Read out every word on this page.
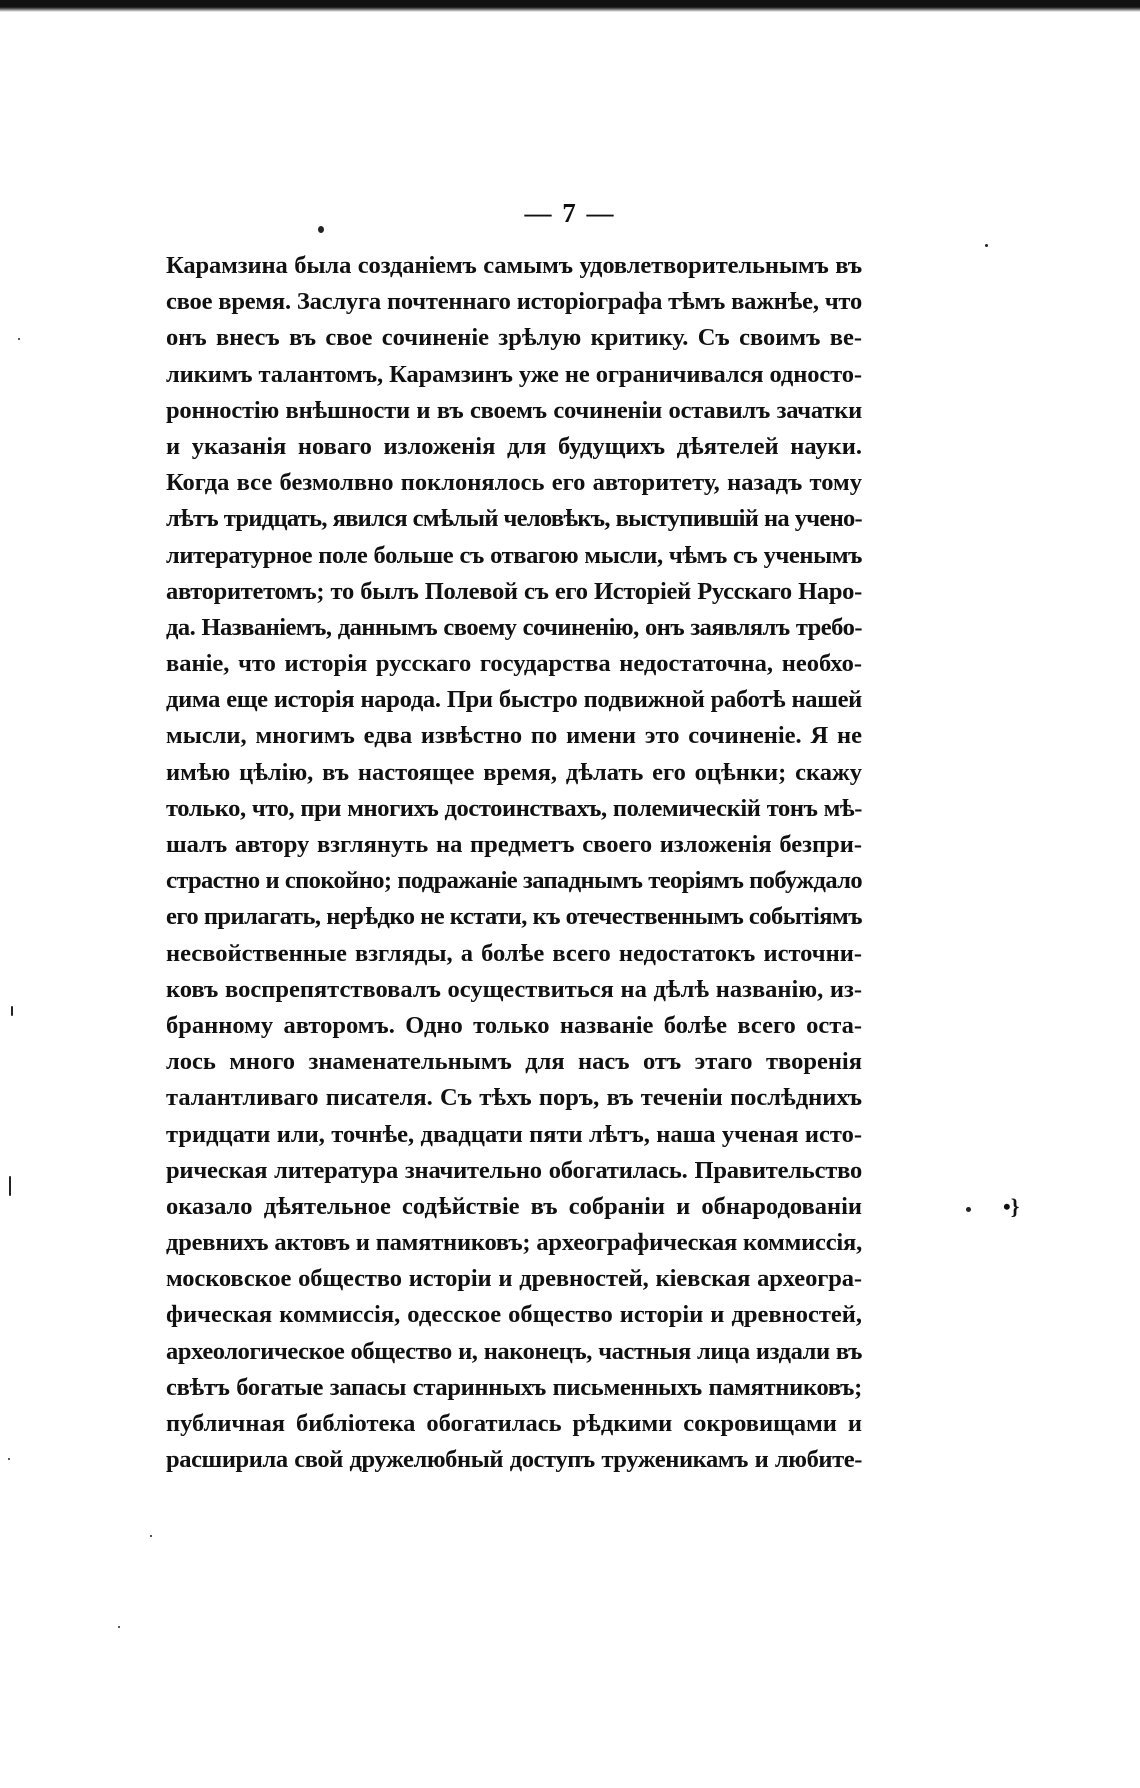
— 7 —
Карамзина была созданіемъ самымъ удовлетворительнымъ въ
свое время. Заслуга почтеннаго исторіографа тѣмъ важнѣе, что
онъ внесъ въ свое сочиненіе зрѣлую критику. Съ своимъ ве-
ликимъ талантомъ, Карамзинъ уже не ограничивался односто-
ронностію внѣшности и въ своемъ сочиненіи оставилъ зачатки
и указанія новаго изложенія для будущихъ дѣятелей науки.
Когда все безмолвно поклонялось его авторитету, назадъ тому
лѣтъ тридцать, явился смѣлый человѣкъ, выступившій на учено-
литературное поле больше съ отвагою мысли, чѣмъ съ ученымъ
авторитетомъ; то былъ Полевой съ его Исторіей Русскаго Наро-
да. Названіемъ, даннымъ своему сочиненію, онъ заявлялъ требо-
ваніе, что исторія русскаго государства недостаточна, необхо-
дима еще исторія народа. При быстро подвижной работѣ нашей
мысли, многимъ едва извѣстно по имени это сочиненіе. Я не
имѣю цѣлію, въ настоящее время, дѣлать его оцѣнки; скажу
только, что, при многихъ достоинствахъ, полемическій тонъ мѣ-
шалъ автору взглянуть на предметъ своего изложенія безпри-
страстно и спокойно; подражаніе западнымъ теоріямъ побуждало
его прилагать, нерѣдко не кстати, къ отечественнымъ событіямъ
несвойственные взгляды, а болѣе всего недостатокъ источни-
ковъ воспрепятствовалъ осуществиться на дѣлѣ названію, из-
бранному авторомъ. Одно только названіе болѣе всего оста-
лось много знаменательнымъ для насъ отъ этаго творенія
талантливаго писателя. Съ тѣхъ поръ, въ теченіи послѣднихъ
тридцати или, точнѣе, двадцати пяти лѣтъ, наша ученая исто-
рическая литература значительно обогатилась. Правительство
оказало дѣятельное содѣйствіе въ собраніи и обнародованіи
древнихъ актовъ и памятниковъ; археографическая коммиссія,
московское общество исторіи и древностей, кіевская археогра-
фическая коммиссія, одесское общество исторіи и древностей,
археологическое общество и, наконецъ, частныя лица издали въ
свѣтъ богатые запасы старинныхъ письменныхъ памятниковъ;
публичная библіотека обогатилась рѣдкими сокровищами и
расширила свой дружелюбный доступъ труженикамъ и любите-
•}
